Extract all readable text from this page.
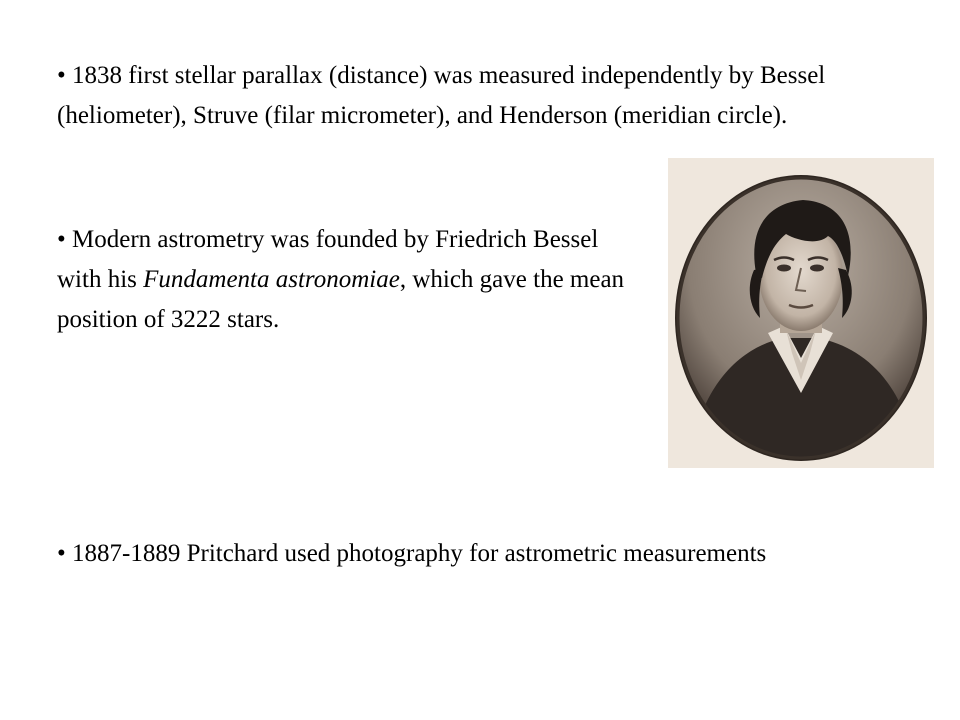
• 1838 first stellar parallax (distance) was measured independently by Bessel (heliometer), Struve (filar micrometer), and Henderson (meridian circle).

• Modern astrometry was founded by Friedrich Bessel with his Fundamenta astronomiae, which gave the mean position of 3222 stars.

• 1887-1889 Pritchard used photography for astrometric measurements
